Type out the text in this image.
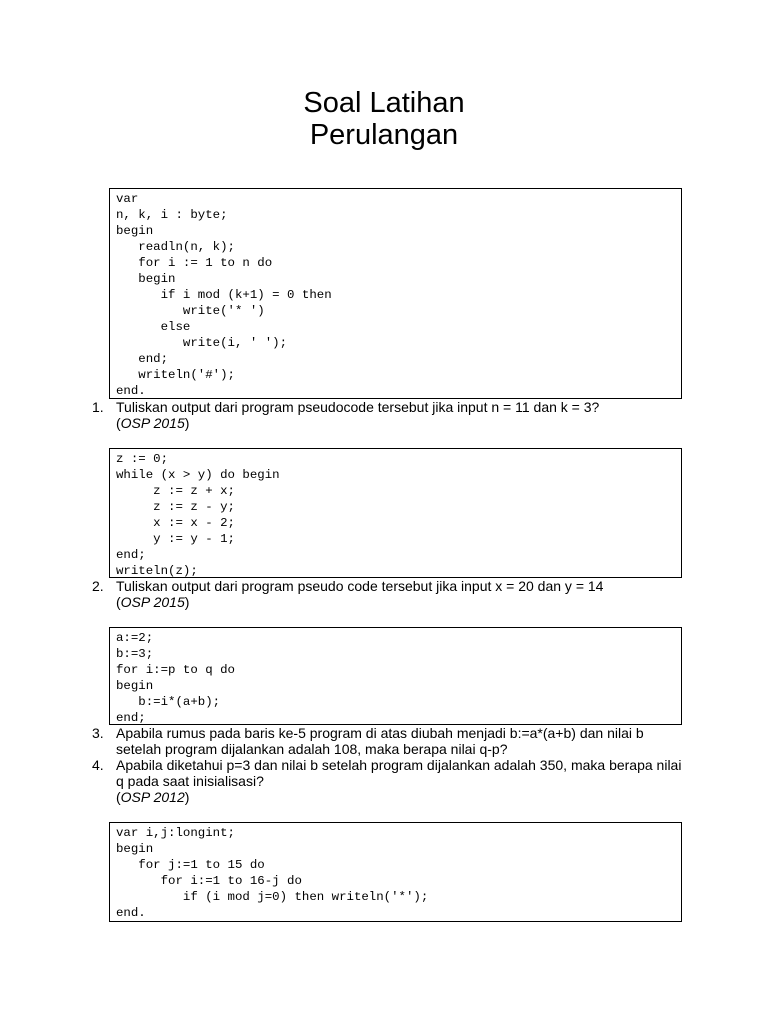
Soal Latihan
Perulangan
var
n, k, i : byte;
begin
readln(n, k);
for i := 1 to n do
begin
if i mod (k+1) = 0 then
write('* ')
else
write(i, ' ');
end;
writeln('#');
end.
1. Tuliskan output dari program pseudocode tersebut jika input n = 11 dan k = 3?
(OSP 2015)
z := 0;
while (x > y) do begin
z := z + x;
z := z - y;
x := x - 2;
y := y - 1;
end;
writeln(z);
2. Tuliskan output dari program pseudo code tersebut jika input x = 20 dan y = 14
(OSP 2015)
a:=2;
b:=3;
for i:=p to q do
begin
b:=i*(a+b);
end;
3. Apabila rumus pada baris ke-5 program di atas diubah menjadi b:=a*(a+b) dan nilai b setelah program dijalankan adalah 108, maka berapa nilai q-p?
4. Apabila diketahui p=3 dan nilai b setelah program dijalankan adalah 350, maka berapa nilai q pada saat inisialisasi?
(OSP 2012)
var i,j:longint;
begin
for j:=1 to 15 do
for i:=1 to 16-j do
if (i mod j=0) then writeln('*');
end.
